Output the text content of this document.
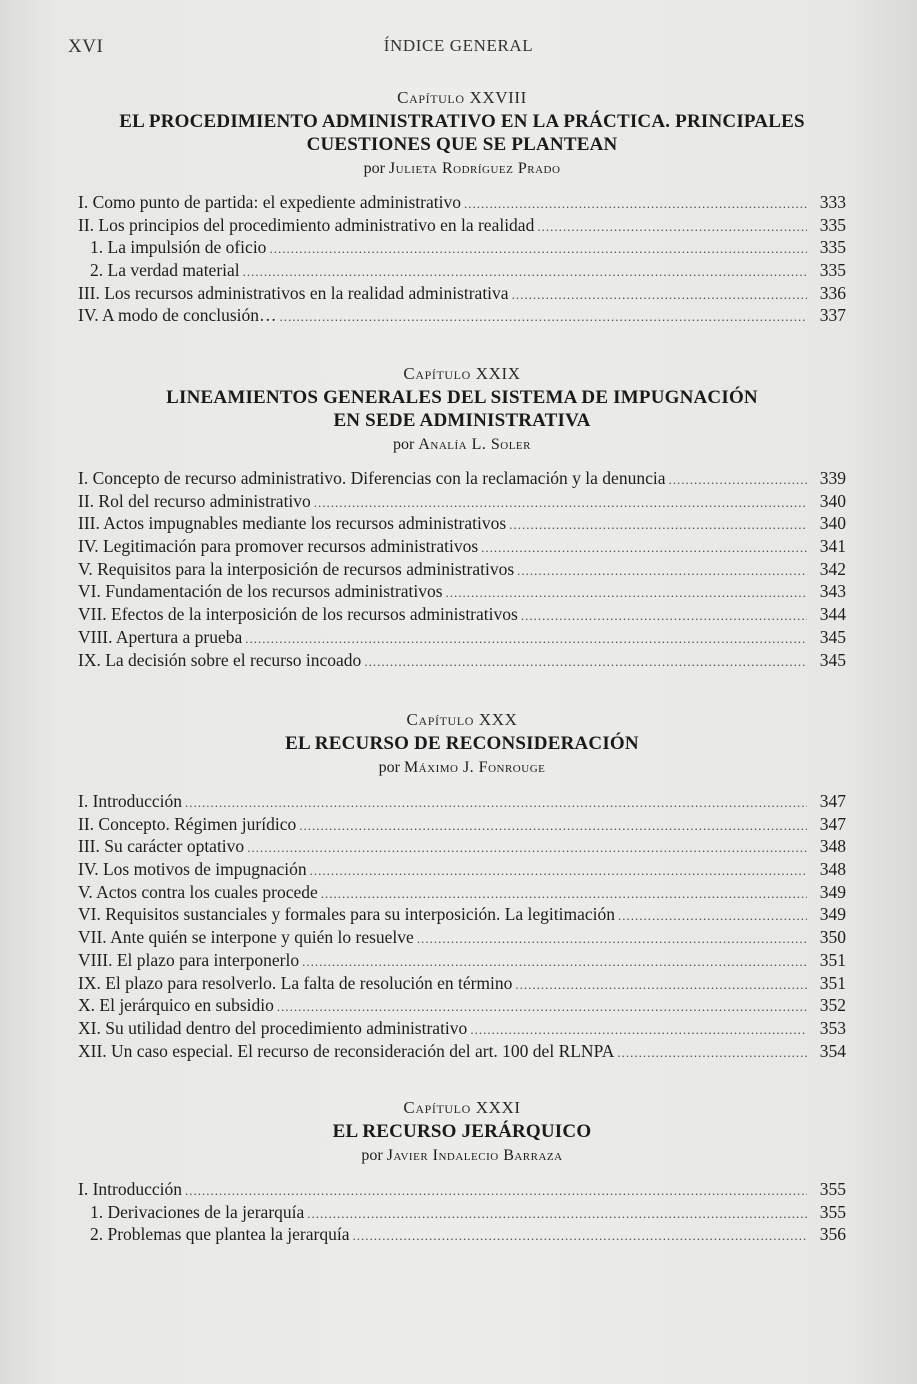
XVI	ÍNDICE GENERAL
Capítulo XXVIII
EL PROCEDIMIENTO ADMINISTRATIVO EN LA PRÁCTICA. PRINCIPALES
CUESTIONES QUE SE PLANTEAN
por Julieta Rodríguez Prado
I. Como punto de partida: el expediente administrativo .....	333
II. Los principios del procedimiento administrativo en la realidad .....	335
1. La impulsión de oficio .....	335
2. La verdad material .....	335
III. Los recursos administrativos en la realidad administrativa .....	336
IV. A modo de conclusión… .....	337
Capítulo XXIX
LINEAMIENTOS GENERALES DEL SISTEMA DE IMPUGNACIÓN
EN SEDE ADMINISTRATIVA
por Analía L. Soler
I. Concepto de recurso administrativo. Diferencias con la reclamación y la denuncia .....	339
II. Rol del recurso administrativo .....	340
III. Actos impugnables mediante los recursos administrativos .....	340
IV. Legitimación para promover recursos administrativos .....	341
V. Requisitos para la interposición de recursos administrativos .....	342
VI. Fundamentación de los recursos administrativos .....	343
VII. Efectos de la interposición de los recursos administrativos .....	344
VIII. Apertura a prueba .....	345
IX. La decisión sobre el recurso incoado .....	345
Capítulo XXX
EL RECURSO DE RECONSIDERACIÓN
por Máximo J. Fonrouge
I. Introducción .....	347
II. Concepto. Régimen jurídico .....	347
III. Su carácter optativo .....	348
IV. Los motivos de impugnación .....	348
V. Actos contra los cuales procede .....	349
VI. Requisitos sustanciales y formales para su interposición. La legitimación .....	349
VII. Ante quién se interpone y quién lo resuelve .....	350
VIII. El plazo para interponerlo .....	351
IX. El plazo para resolverlo. La falta de resolución en término .....	351
X. El jerárquico en subsidio .....	352
XI. Su utilidad dentro del procedimiento administrativo .....	353
XII. Un caso especial. El recurso de reconsideración del art. 100 del RLNPA .....	354
Capítulo XXXI
EL RECURSO JERÁRQUICO
por Javier Indalecio Barraza
I. Introducción .....	355
1. Derivaciones de la jerarquía .....	355
2. Problemas que plantea la jerarquía .....	356
